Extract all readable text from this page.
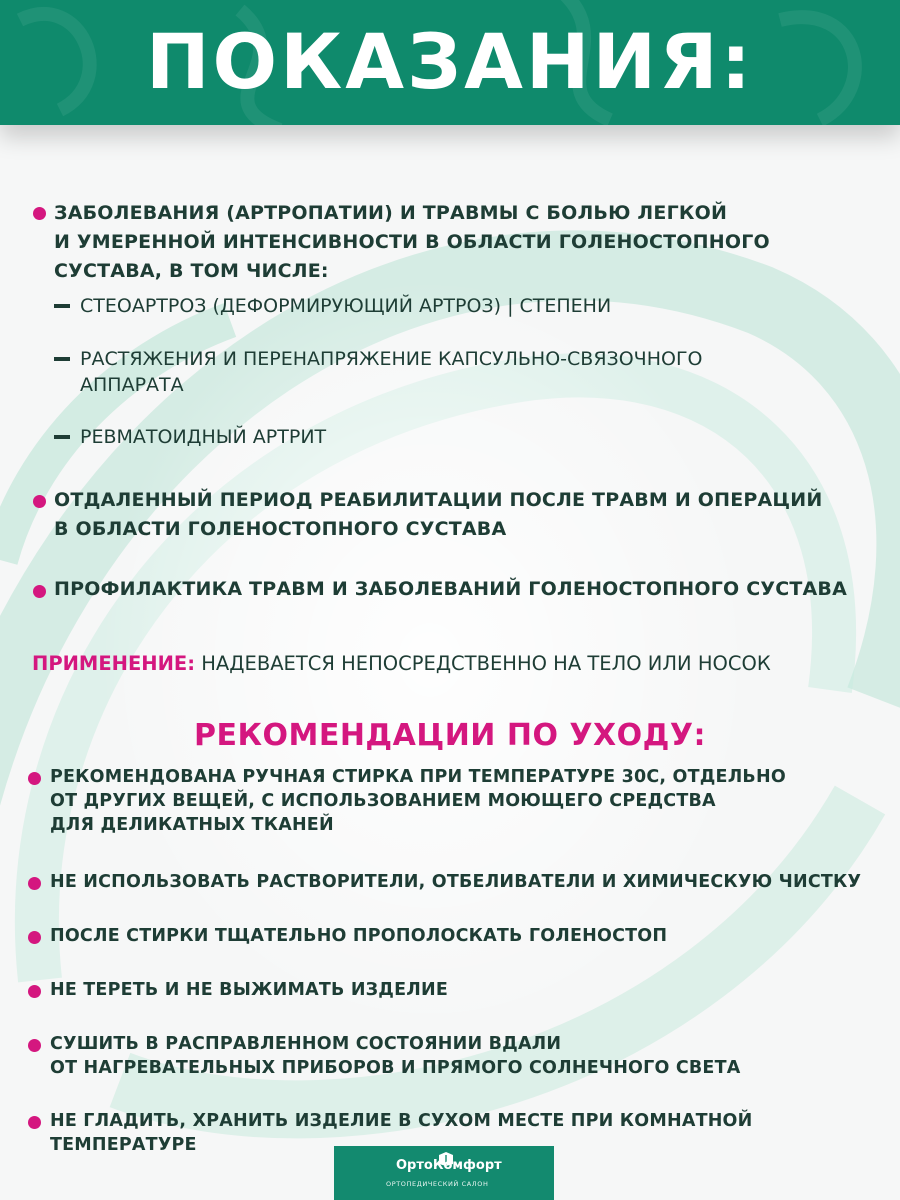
ПОКАЗАНИЯ:
ЗАБОЛЕВАНИЯ (АРТРОПАТИИ) И ТРАВМЫ С БОЛЬЮ ЛЕГКОЙ
И УМЕРЕННОЙ ИНТЕНСИВНОСТИ В ОБЛАСТИ ГОЛЕНОСТОПНОГО
СУСТАВА, В ТОМ ЧИСЛЕ:
СТЕОАРТРОЗ (ДЕФОРМИРУЮЩИЙ АРТРОЗ) | СТЕПЕНИ
РАСТЯЖЕНИЯ И ПЕРЕНАПРЯЖЕНИЕ КАПСУЛЬНО-СВЯЗОЧНОГО
АППАРАТА
РЕВМАТОИДНЫЙ АРТРИТ
ОТДАЛЕННЫЙ ПЕРИОД РЕАБИЛИТАЦИИ ПОСЛЕ ТРАВМ И ОПЕРАЦИЙ
В ОБЛАСТИ ГОЛЕНОСТОПНОГО СУСТАВА
ПРОФИЛАКТИКА ТРАВМ И ЗАБОЛЕВАНИЙ ГОЛЕНОСТОПНОГО СУСТАВА
ПРИМЕНЕНИЕ: НАДЕВАЕТСЯ НЕПОСРЕДСТВЕННО НА ТЕЛО ИЛИ НОСОК
РЕКОМЕНДАЦИИ ПО УХОДУ:
РЕКОМЕНДОВАНА РУЧНАЯ СТИРКА ПРИ ТЕМПЕРАТУРЕ 30С, ОТДЕЛЬНО
ОТ ДРУГИХ ВЕЩЕЙ, С ИСПОЛЬЗОВАНИЕМ МОЮЩЕГО СРЕДСТВА
ДЛЯ ДЕЛИКАТНЫХ ТКАНЕЙ
НЕ ИСПОЛЬЗОВАТЬ РАСТВОРИТЕЛИ, ОТБЕЛИВАТЕЛИ И ХИМИЧЕСКУЮ ЧИСТКУ
ПОСЛЕ СТИРКИ ТЩАТЕЛЬНО ПРОПОЛОСКАТЬ ГОЛЕНОСТОП
НЕ ТЕРЕТЬ И НЕ ВЫЖИМАТЬ ИЗДЕЛИЕ
СУШИТЬ В РАСПРАВЛЕННОМ СОСТОЯНИИ ВДАЛИ
ОТ НАГРЕВАТЕЛЬНЫХ ПРИБОРОВ И ПРЯМОГО СОЛНЕЧНОГО СВЕТА
НЕ ГЛАДИТЬ, ХРАНИТЬ ИЗДЕЛИЕ В СУХОМ МЕСТЕ ПРИ КОМНАТНОЙ
ТЕМПЕРАТУРЕ
ОртоКомфорт
ОРТОПЕДИЧЕСКИЙ САЛОН
